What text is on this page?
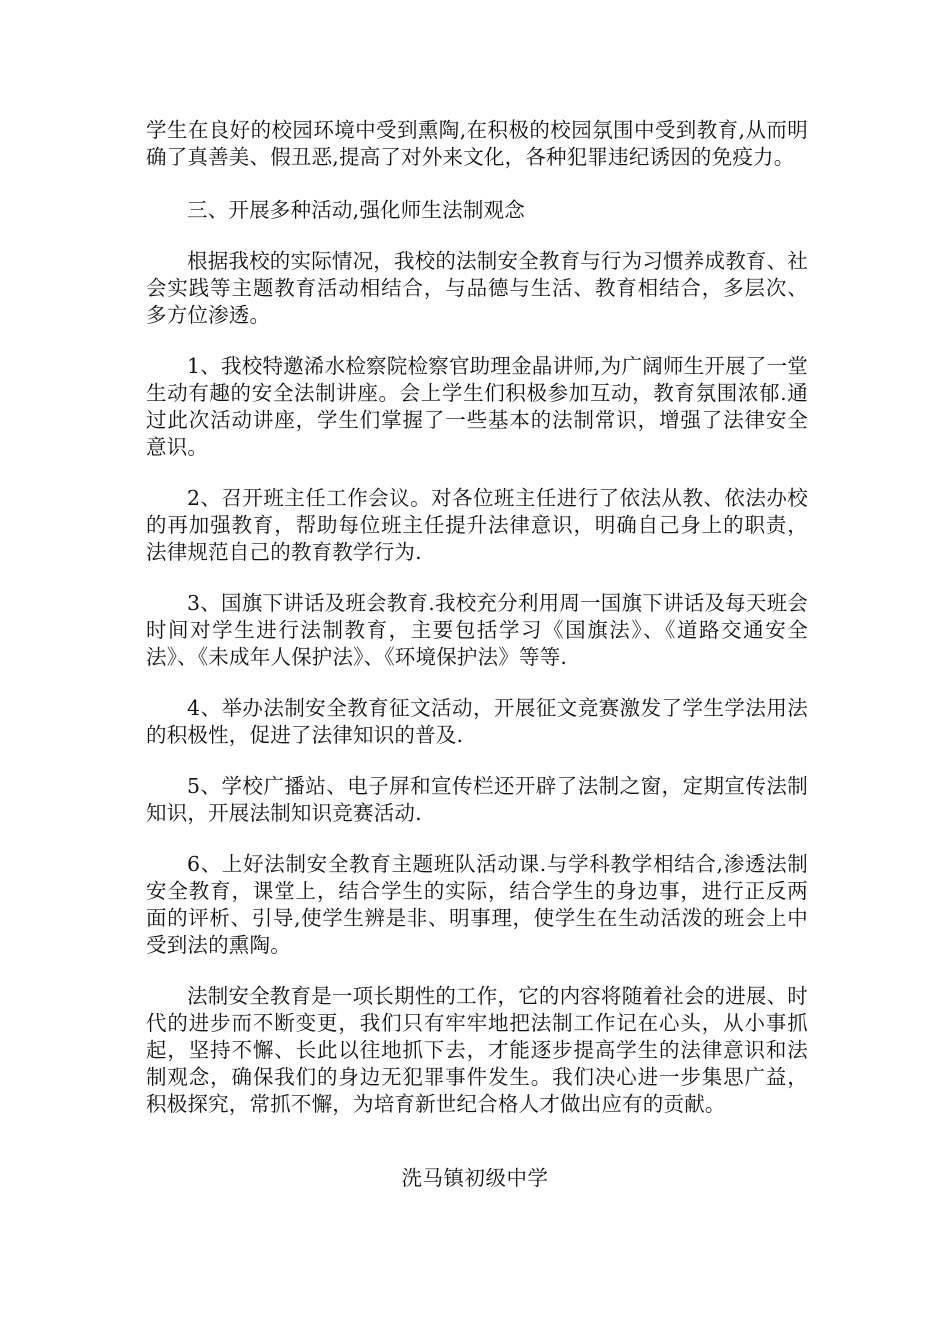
学生在良好的校园环境中受到熏陶,在积极的校园氛围中受到教育,从而明确了真善美、假丑恶,提高了对外来文化，各种犯罪违纪诱因的免疫力。

三、开展多种活动,强化师生法制观念

根据我校的实际情况，我校的法制安全教育与行为习惯养成教育、社会实践等主题教育活动相结合，与品德与生活、教育相结合，多层次、多方位渗透。

1、我校特邀浠水检察院检察官助理金晶讲师,为广阔师生开展了一堂生动有趣的安全法制讲座。会上学生们积极参加互动，教育氛围浓郁.通过此次活动讲座，学生们掌握了一些基本的法制常识，增强了法律安全意识。

2、召开班主任工作会议。对各位班主任进行了依法从教、依法办校的再加强教育，帮助每位班主任提升法律意识，明确自己身上的职责，法律规范自己的教育教学行为.

3、国旗下讲话及班会教育.我校充分利用周一国旗下讲话及每天班会时间对学生进行法制教育，主要包括学习《国旗法》、《道路交通安全法》、《未成年人保护法》、《环境保护法》等等.

4、举办法制安全教育征文活动，开展征文竞赛激发了学生学法用法的积极性，促进了法律知识的普及.

5、学校广播站、电子屏和宣传栏还开辟了法制之窗，定期宣传法制知识，开展法制知识竞赛活动.

6、上好法制安全教育主题班队活动课.与学科教学相结合,渗透法制安全教育，课堂上，结合学生的实际，结合学生的身边事，进行正反两面的评析、引导,使学生辨是非、明事理，使学生在生动活泼的班会上中受到法的熏陶。

法制安全教育是一项长期性的工作，它的内容将随着社会的进展、时代的进步而不断变更，我们只有牢牢地把法制工作记在心头，从小事抓起，坚持不懈、长此以往地抓下去，才能逐步提高学生的法律意识和法制观念，确保我们的身边无犯罪事件发生。我们决心进一步集思广益，积极探究，常抓不懈，为培育新世纪合格人才做出应有的贡献。

洗马镇初级中学
